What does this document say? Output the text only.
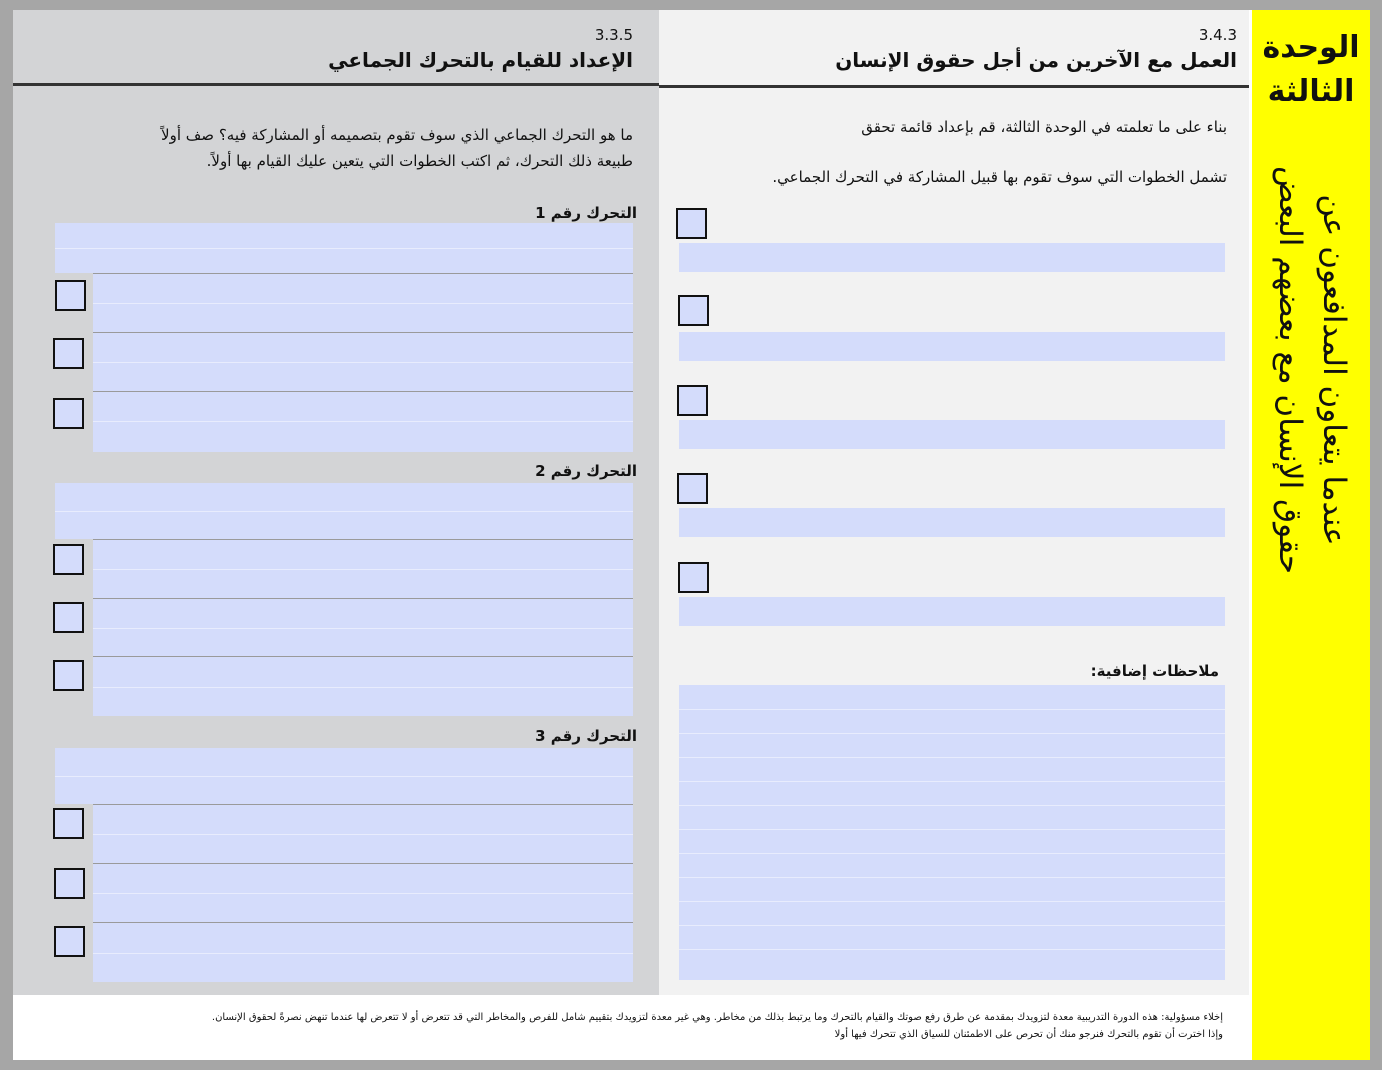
3.3.5
الإعداد للقيام بالتحرك الجماعي
ما هو التحرك الجماعي الذي سوف تقوم بتصميمه أو المشاركة فيه؟ صف أولاً طبيعة ذلك التحرك، ثم اكتب الخطوات التي يتعين عليك القيام بها أولاً.
التحرك رقم 1
التحرك رقم 2
التحرك رقم 3
3.4.3
العمل مع الآخرين من أجل حقوق الإنسان
بناء على ما تعلمته في الوحدة الثالثة، قم بإعداد قائمة تحقق
تشمل الخطوات التي سوف تقوم بها قبيل المشاركة في التحرك الجماعي.
ملاحظات إضافية:
إخلاء مسؤولية: هذه الدورة التدريبية معدة لتزويدك بمقدمة عن طرق رفع صوتك والقيام بالتحرك وما يرتبط بذلك من مخاطر. وهي غير معدة لتزويدك بتقييم شامل للفرص والمخاطر التي قد تتعرض أو لا تتعرض لها عندما تنهض نصرةً لحقوق الإنسان.
وإذا اخترت أن تقوم بالتحرك فنرجو منك أن تحرص على الاطمئنان للسياق الذي تتحرك فيها أولا
الوحدة
الثالثة
عندما يتعاون المدافعون عن
حقوق الإنسان مع بعضهم البعض
